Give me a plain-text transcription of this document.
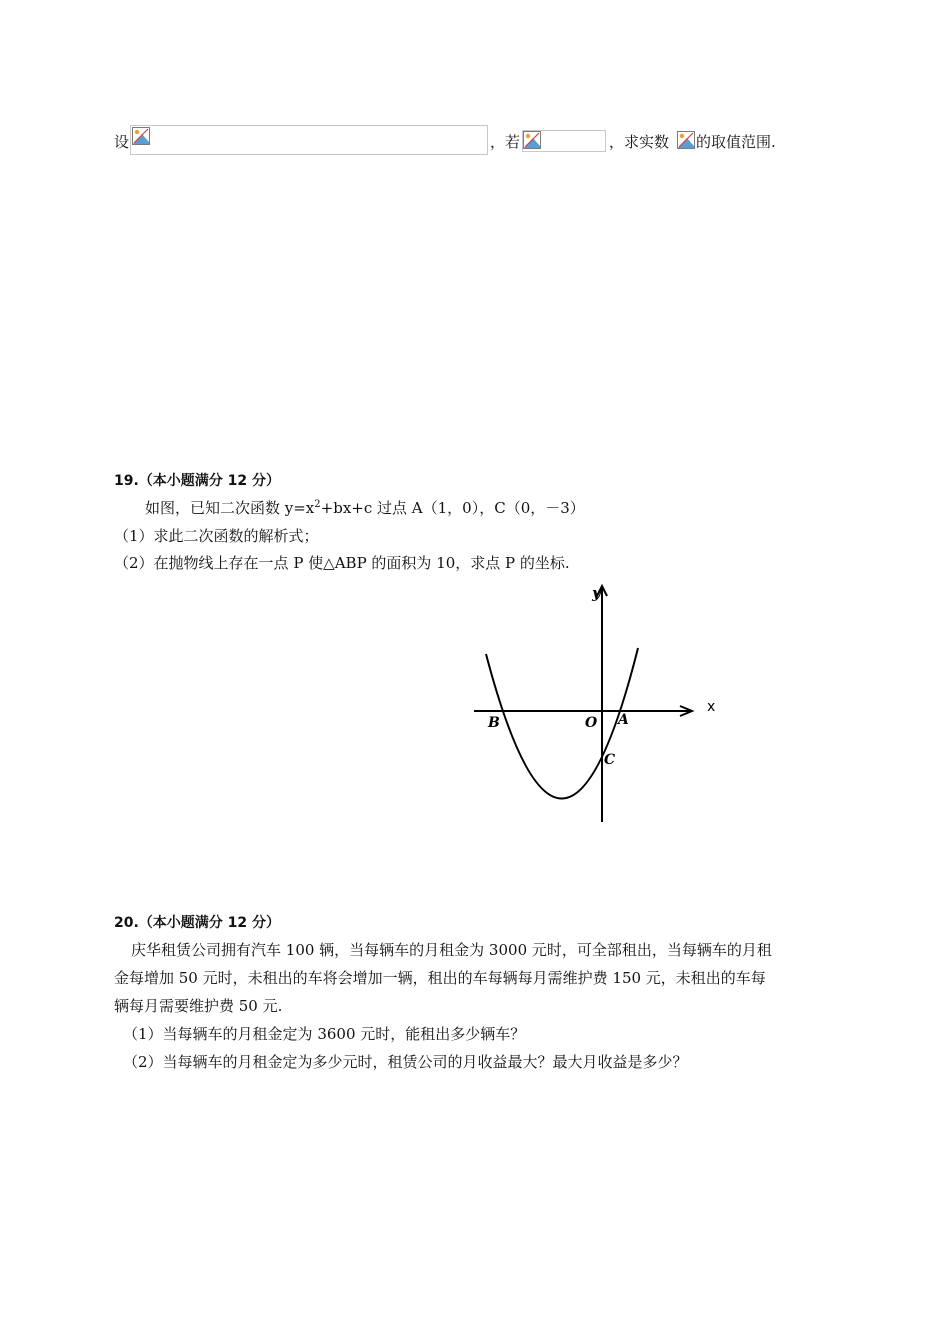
设	，若	，求实数 的取值范围.
19.（本小题满分 12 分）
如图，已知二次函数 $y=x^2+bx+c$ 过点 A（1，0），C（0，－3）
（1）求此二次函数的解析式；
（2）在抛物线上存在一点 P 使△ABP 的面积为 10，求点 P 的坐标.
y
x
B	O A
C
20.（本小题满分 12 分）
庆华租赁公司拥有汽车 100 辆，当每辆车的月租金为 3000 元时，可全部租出，当每辆车的月租
金每增加 50 元时，未租出的车将会增加一辆，租出的车每辆每月需维护费 150 元，未租出的车每
辆每月需要维护费 50 元.
（1）当每辆车的月租金定为 3600 元时，能租出多少辆车？
（2）当每辆车的月租金定为多少元时，租赁公司的月收益最大？最大月收益是多少？
